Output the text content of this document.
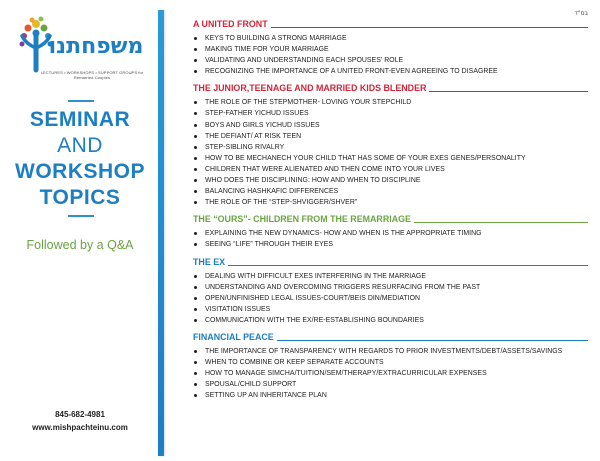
משפחתנו
LECTURES • WORKSHOPS • SUPPORT GROUPS for Remarried Couples
SEMINAR
AND
WORKSHOP
TOPICS
Followed by a Q&A
845-682-4981
www.mishpachteinu.com
בס"ד
A UNITED FRONT
KEYS TO BUILDING A STRONG MARRIAGE
MAKING TIME FOR YOUR MARRIAGE
VALIDATING AND UNDERSTANDING EACH SPOUSES' ROLE
RECOGNIZING THE IMPORTANCE OF A UNITED FRONT-EVEN AGREEING TO DISAGREE
THE JUNIOR,TEENAGE AND MARRIED KIDS BLENDER
THE ROLE OF THE STEPMOTHER- LOVING YOUR STEPCHILD
STEP-FATHER YICHUD ISSUES
BOYS AND GIRLS YICHUD ISSUES
THE DEFIANT/ AT RISK TEEN
STEP-SIBLING RIVALRY
HOW TO BE MECHANECH YOUR CHILD THAT HAS SOME OF YOUR EXES GENES/PERSONALITY
CHILDREN THAT WERE ALIENATED AND THEN COME INTO YOUR LIVES
WHO DOES THE DISCIPLINING: HOW AND WHEN TO DISCIPLINE
BALANCING HASHKAFIC DIFFERENCES
THE ROLE OF THE “STEP-SHVIGGER/SHVER”
THE “OURS”- CHILDREN FROM THE REMARRIAGE
EXPLAINING THE NEW DYNAMICS- HOW AND WHEN IS THE APPROPRIATE TIMING
SEEING “LIFE” THROUGH THEIR EYES
THE EX
DEALING WITH DIFFICULT EXES INTERFERING IN THE MARRIAGE
UNDERSTANDING AND OVERCOMING TRIGGERS RESURFACING FROM THE PAST
OPEN/UNFINISHED LEGAL ISSUES-COURT/BEIS DIN/MEDIATION
VISITATION ISSUES
COMMUNICATION WITH THE EX/RE-ESTABLISHING BOUNDARIES
FINANCIAL PEACE
THE IMPORTANCE OF TRANSPARENCY WITH REGARDS TO PRIOR INVESTMENTS/DEBT/ASSETS/SAVINGS
WHEN TO COMBINE OR KEEP SEPARATE ACCOUNTS
HOW TO MANAGE SIMCHA/TUITION/SEM/THERAPY/EXTRACURRICULAR EXPENSES
SPOUSAL/CHILD SUPPORT
SETTING UP AN INHERITANCE PLAN
